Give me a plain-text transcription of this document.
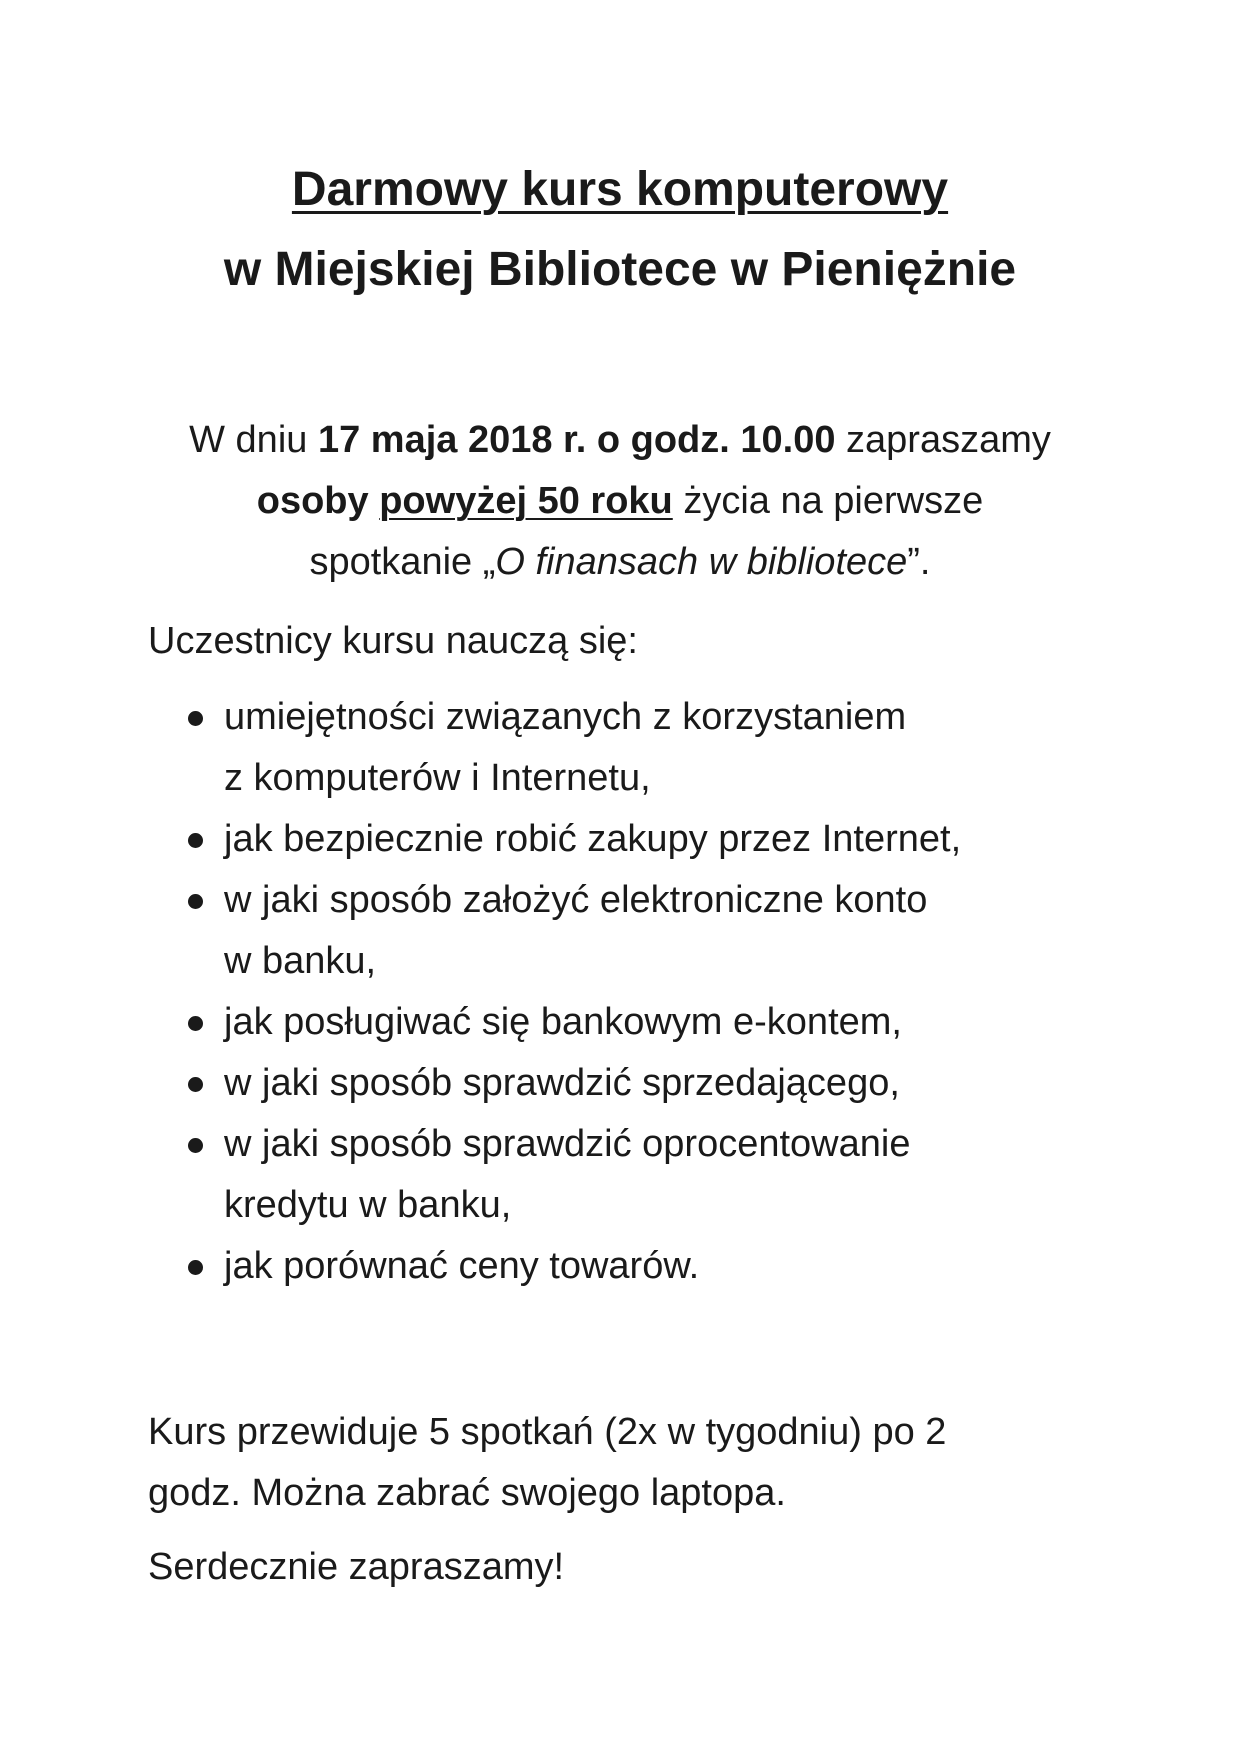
Darmowy kurs komputerowy
w Miejskiej Bibliotece w Pieniężnie
W dniu 17 maja 2018 r. o godz. 10.00 zapraszamy
osoby powyżej 50 roku życia na pierwsze
spotkanie „O finansach w bibliotece”.
Uczestnicy kursu nauczą się:
umiejętności związanych z korzystaniem
z komputerów i Internetu,
jak bezpiecznie robić zakupy przez Internet,
w jaki sposób założyć elektroniczne konto
w banku,
jak posługiwać się bankowym e-kontem,
w jaki sposób sprawdzić sprzedającego,
w jaki sposób sprawdzić oprocentowanie
kredytu w banku,
jak porównać ceny towarów.
Kurs przewiduje 5 spotkań (2x w tygodniu) po 2
godz. Można zabrać swojego laptopa.
Serdecznie zapraszamy!
